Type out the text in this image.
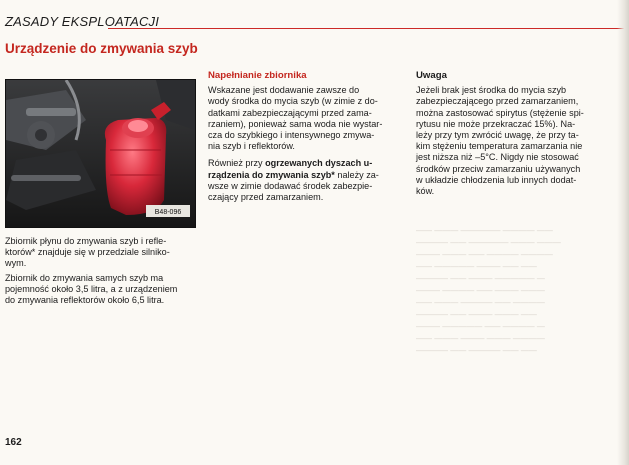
ZASADY EKSPLOATACJI
Urządzenie do zmywania szyb
B48-096
Zbiornik płynu do zmywania szyb i refle-
ktorów* znajduje się w przedziale silniko-
wym.
Zbiornik do zmywania samych szyb ma
pojemność około 3,5 litra, a z urządzeniem
do zmywania reflektorów około 6,5 litra.
Napełnianie zbiornika

Wskazane jest dodawanie zawsze do
wody środka do mycia szyb (w zimie z do-
datkami zabezpieczającymi przed zama-
rzaniem), ponieważ sama woda nie wystar-
cza do szybkiego i intensywnego zmywa-
nia szyb i reflektorów.

Również przy ogrzewanych dyszach u-
rządzenia do zmywania szyb* należy za-
wsze w zimie dodawać środek zabezpie-
czający przed zamarzaniem.

Uwaga

Jeżeli brak jest środka do mycia szyb
zabezpieczającego przed zamarzaniem,
można zastosować spirytus (stężenie spi-
rytusu nie może przekraczać 15%). Na-
leży przy tym zwrócić uwagę, że przy ta-
kim stężeniu temperatura zamarzania nie
jest niższa niż –5°C. Nigdy nie stosować
środków przeciw zamarzaniu używanych
w układzie chłodzenia lub innych dodat-
ków.

—— ——— ————— ———— ——
———— —— ————— ——— ———
——— ——— —— ———— ————
—— ————— ——— —— ——
———— —— ——— ————— —
——— ———— —— ——— ———
—— ——— ———— —— ————
———— —— ——— ——— ——
——— ————— —— ———— —
—— ——— ——— ——— ————
———— —— ———— —— ——
162
